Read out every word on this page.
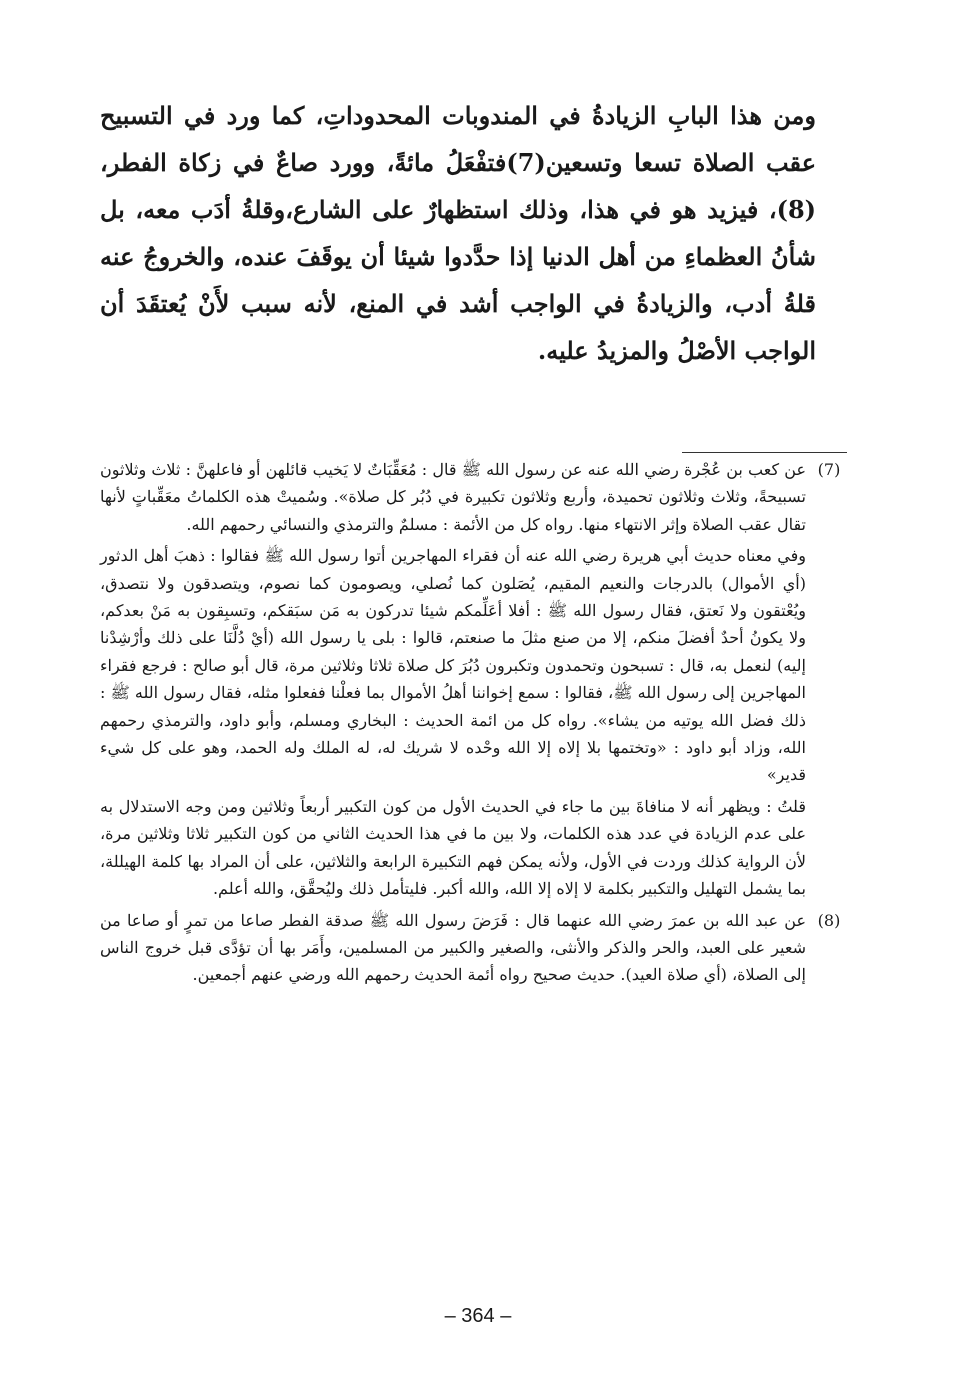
ومن هذا البابِ الزيادةُ في المندوبات المحدوداتِ، كما ورد في التسبيح عقب الصلاة تسعا وتسعين(7)فتفْعَلُ مائةً، وورد صاعٌ في زكاة الفطر،(8)، فيزيد هو في هذا، وذلك استظهارٌ على الشارع،وقلةُ أدَب معه، بل شأنُ العظماءِ من أهل الدنيا إذا حدَّدوا شيئا أن يوقَفَ عنده، والخروجُ عنه قلةُ أدب، والزيادةُ في الواجب أشد في المنع، لأنه سبب لأَنْ يُعتقَدَ أن الواجب الأصْلُ والمزيدُ عليه.

(7)

عن كعب بن عُجْرة رضي الله عنه عن رسول الله ﷺ قال : مُعَقِّبَاتٌ لا يَخيب قائلهن أو فاعلهنَّ : ثلاث وثلاثون تسبيحةً، وثلاث وثلاثون تحميدة، وأربع وثلاثون تكبيرة في دُبُر كل صلاة». وسُميتْ هذه الكلماتُ معَقِّباتٍ لأنها تقال عقب الصلاة وإثر الانتهاء منها. رواه كل من الأئمة : مسلمٌ والترمذي والنسائي رحمهم الله.

وفي معناه حديث أبي هريرة رضي الله عنه أن فقراء المهاجرين أتوا رسول الله ﷺ فقالوا : ذهبَ أهل الدثور (أي الأموال) بالدرجات والنعيم المقيم، يُصَلون كما نُصلي، ويصومون كما نصوم، ويتصدقون ولا نتصدق، ويُعْتقون ولا نَعتق، فقال رسول الله ﷺ : أفلا أعَلِّمكم شيئا تدركون به مَن سبَقكم، وتسبِقون به مَنْ بعدكم، ولا يكونُ أحدٌ أفضلَ منكم، إلا من صنع مثلَ ما صنعتم، قالوا : بلى يا رسول الله (أيْ دُلَّنَا على ذلك وأرْشِدْنا إليه) لنعمل به، قال : تسبحون وتحمدون وتكبرون دُبُرَ كل صلاة ثلاثا وثلاثين مرة، قال أبو صالح : فرجع فقراء المهاجرين إلى رسول الله ﷺ، فقالوا : سمع إخواننا أهلُ الأموال بما فعلْنا ففعلوا مثله، فقال رسول الله ﷺ : ذلك فضل الله يوتيه من يشاء». رواه كل من ائمة الحديث : البخاري ومسلم، وأبو داود، والترمذي رحمهم الله، وزاد أبو داود : «وتختمها بلا إلاه إلا الله وحْده لا شريك له، له الملك وله الحمد، وهو على كل شيء قدير»

قلتُ : ويظهر أنه لا منافاةَ بين ما جاء في الحديث الأول من كون التكبير أربعاً وثلاثين ومن وجه الاستدلال به على عدم الزيادة في عدد هذه الكلمات، ولا بين ما في هذا الحديث الثاني من كون التكبير ثلاثا وثلاثين مرة، لأن الرواية كذلك وردت في الأول، ولأنه يمكن فهم التكبيرة الرابعة والثلاثين، على أن المراد بها كلمة الهيللة، بما يشمل التهليل والتكبير بكلمة لا إلاه إلا الله، والله أكبر. فليتأمل ذلك وليُحقَّق، والله أعلم.

(8)

عن عبد الله بن عمرَ رضي الله عنهما قال : فَرَضَ رسول الله ﷺ صدقة الفطر صاعا من تمرٍ أو صاعا من شعير على العبد، والحر والذكر والأنثى، والصغير والكبير من المسلمين، وأَمَر بها أن تؤدَّى قبل خروج الناس إلى الصلاة، (أي صلاة العيد). حديث صحيح رواه أئمة الحديث رحمهم الله ورضي عنهم أجمعين.

– 364 –
